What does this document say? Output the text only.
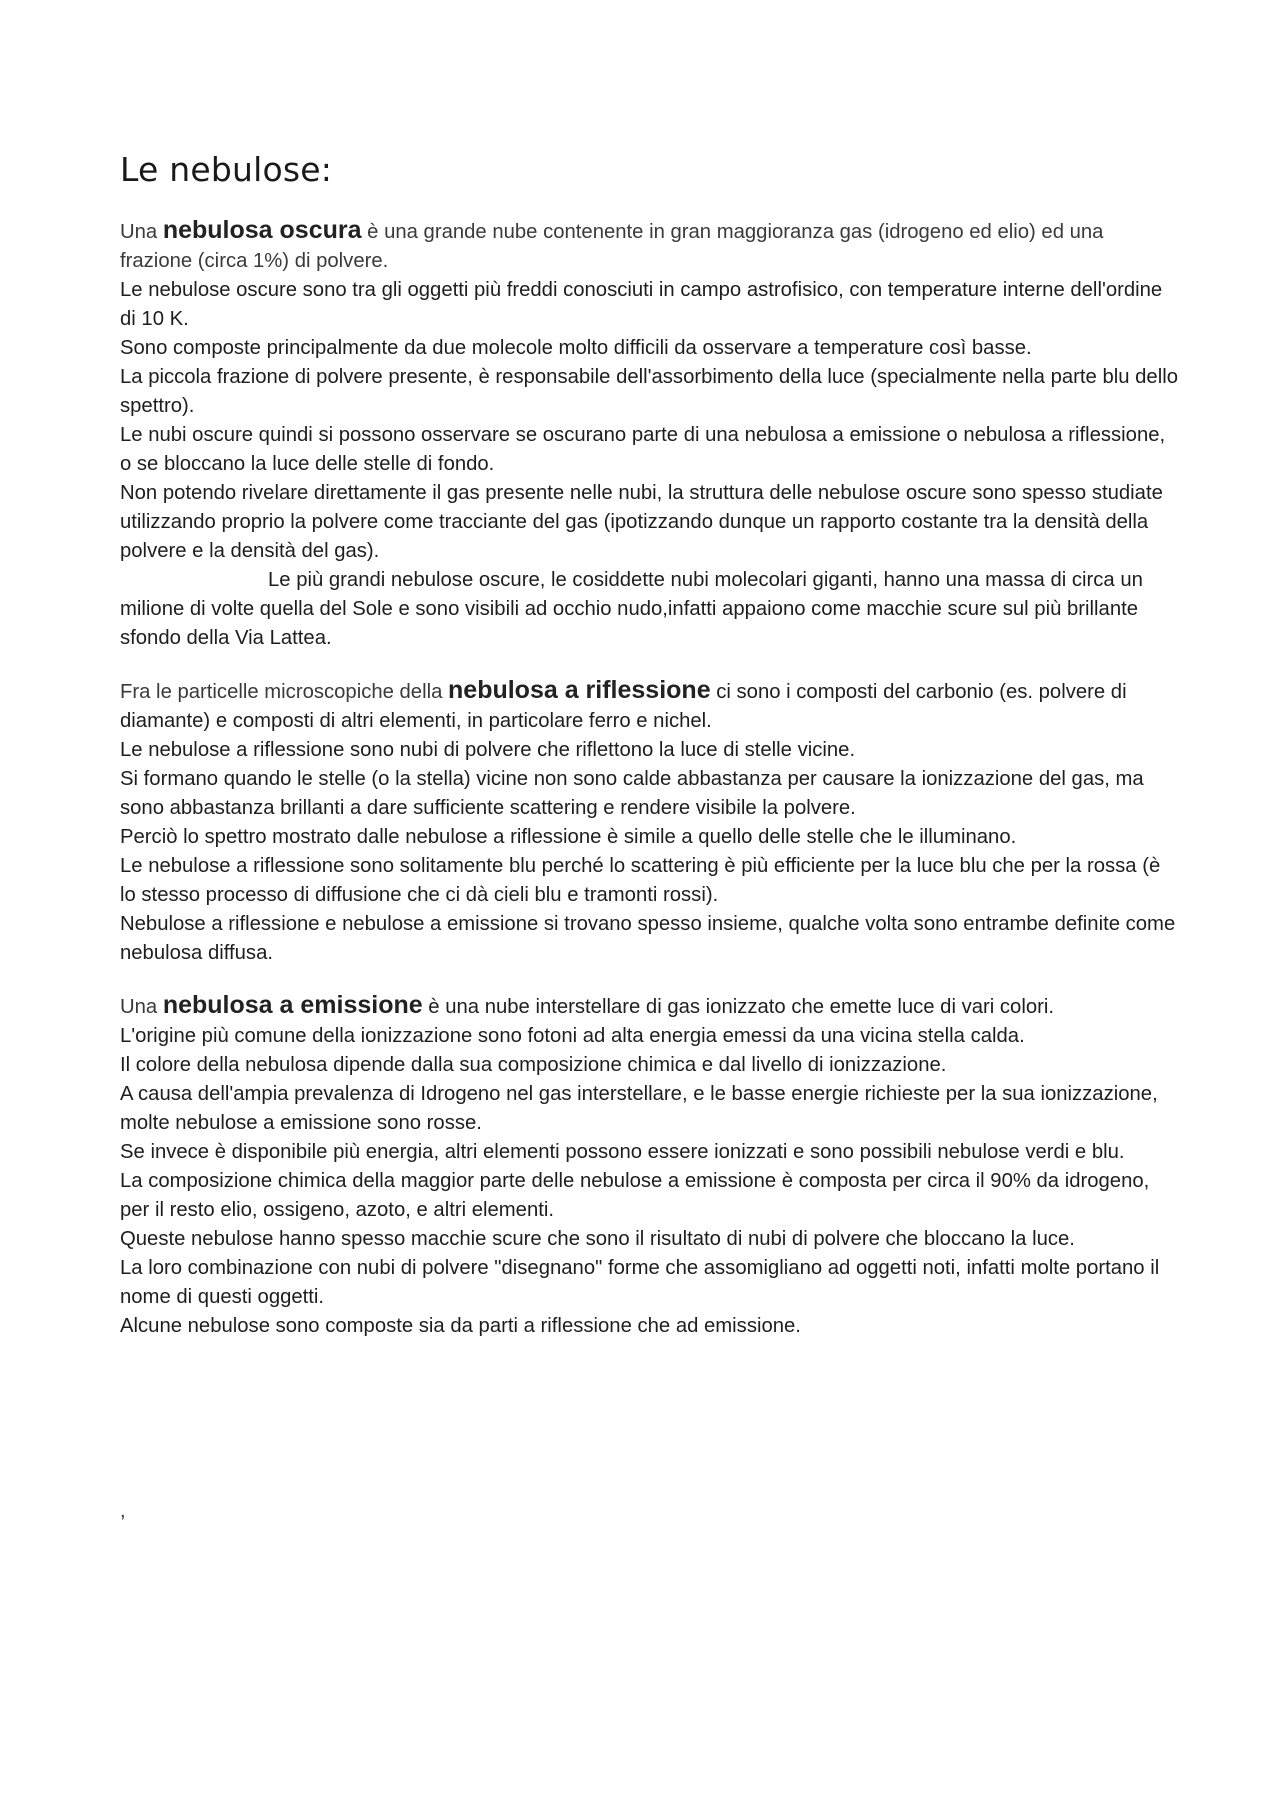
Le nebulose:

Una nebulosa oscura è una grande nube contenente in gran maggioranza gas (idrogeno ed elio) ed una frazione (circa 1%) di polvere.

Le nebulose oscure sono tra gli oggetti più freddi conosciuti in campo astrofisico, con temperature interne dell'ordine di 10 K.

Sono composte principalmente da due molecole molto difficili da osservare a temperature così basse.

La piccola frazione di polvere presente, è responsabile dell'assorbimento della luce (specialmente nella parte blu dello spettro).

Le nubi oscure quindi si possono osservare se oscurano parte di una nebulosa a emissione o nebulosa a riflessione, o se bloccano la luce delle stelle di fondo.

Non potendo rivelare direttamente il gas presente nelle nubi, la struttura delle nebulose oscure sono spesso studiate utilizzando proprio la polvere come tracciante del gas (ipotizzando dunque un rapporto costante tra la densità della polvere e la densità del gas).

Le più grandi nebulose oscure, le cosiddette nubi molecolari giganti, hanno una massa di circa un milione di volte quella del Sole e sono visibili ad occhio nudo,infatti appaiono come macchie scure sul più brillante sfondo della Via Lattea.

Fra le particelle microscopiche della nebulosa a riflessione ci sono i composti del carbonio (es. polvere di diamante) e composti di altri elementi, in particolare ferro e nichel.

Le nebulose a riflessione sono nubi di polvere che riflettono la luce di stelle vicine.

Si formano quando le stelle (o la stella) vicine non sono calde abbastanza per causare la ionizzazione del gas, ma sono abbastanza brillanti a dare sufficiente scattering e rendere visibile la polvere.

Perciò lo spettro mostrato dalle nebulose a riflessione è simile a quello delle stelle che le illuminano.

Le nebulose a riflessione sono solitamente blu perché lo scattering è più efficiente per la luce blu che per la rossa (è lo stesso processo di diffusione che ci dà cieli blu e tramonti rossi).

Nebulose a riflessione e nebulose a emissione si trovano spesso insieme, qualche volta sono entrambe definite come nebulosa diffusa.

Una nebulosa a emissione è una nube interstellare di gas ionizzato che emette luce di vari colori.

L'origine più comune della ionizzazione sono fotoni ad alta energia emessi da una vicina stella calda.

Il colore della nebulosa dipende dalla sua composizione chimica e dal livello di ionizzazione.

A causa dell'ampia prevalenza di Idrogeno nel gas interstellare, e le basse energie richieste per la sua ionizzazione, molte nebulose a emissione sono rosse.

Se invece è disponibile più energia, altri elementi possono essere ionizzati e sono possibili nebulose verdi e blu.

La composizione chimica della maggior parte delle nebulose a emissione è composta per circa il 90% da idrogeno, per il resto elio, ossigeno, azoto, e altri elementi.

Queste nebulose hanno spesso macchie scure che sono il risultato di nubi di polvere che bloccano la luce.

La loro combinazione con nubi di polvere "disegnano" forme che assomigliano ad oggetti noti, infatti molte portano il nome di questi oggetti.

Alcune nebulose sono composte sia da parti a riflessione che ad emissione.

,
